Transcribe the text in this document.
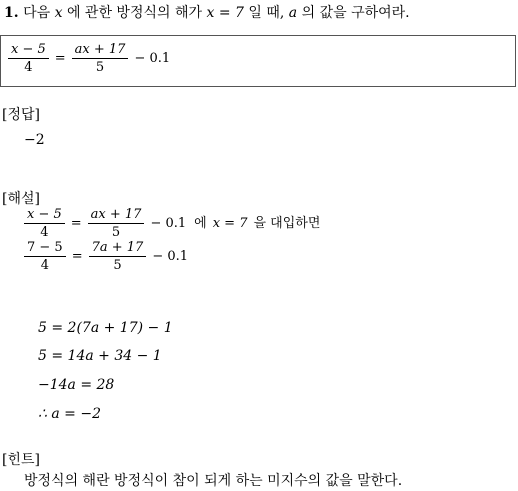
1. 다음 x 에 관한 방정식의 해가 x = 7 일 때, a 의 값을 구하여라.
$\frac{x - 5}{4} = \frac{ax + 17}{5} - 0.1$
[정답]
−2
[해설]
$\frac{x - 5}{4} = \frac{ax + 17}{5} - 0.1$ 에 x = 7 을 대입하면
$\frac{7 - 5}{4} = \frac{7a + 17}{5} - 0.1$
5 = 2(7a + 17) − 1
5 = 14a + 34 − 1
−14a = 28
∴ a = −2
[힌트]
방정식의 해란 방정식이 참이 되게 하는 미지수의 값을 말한다.
